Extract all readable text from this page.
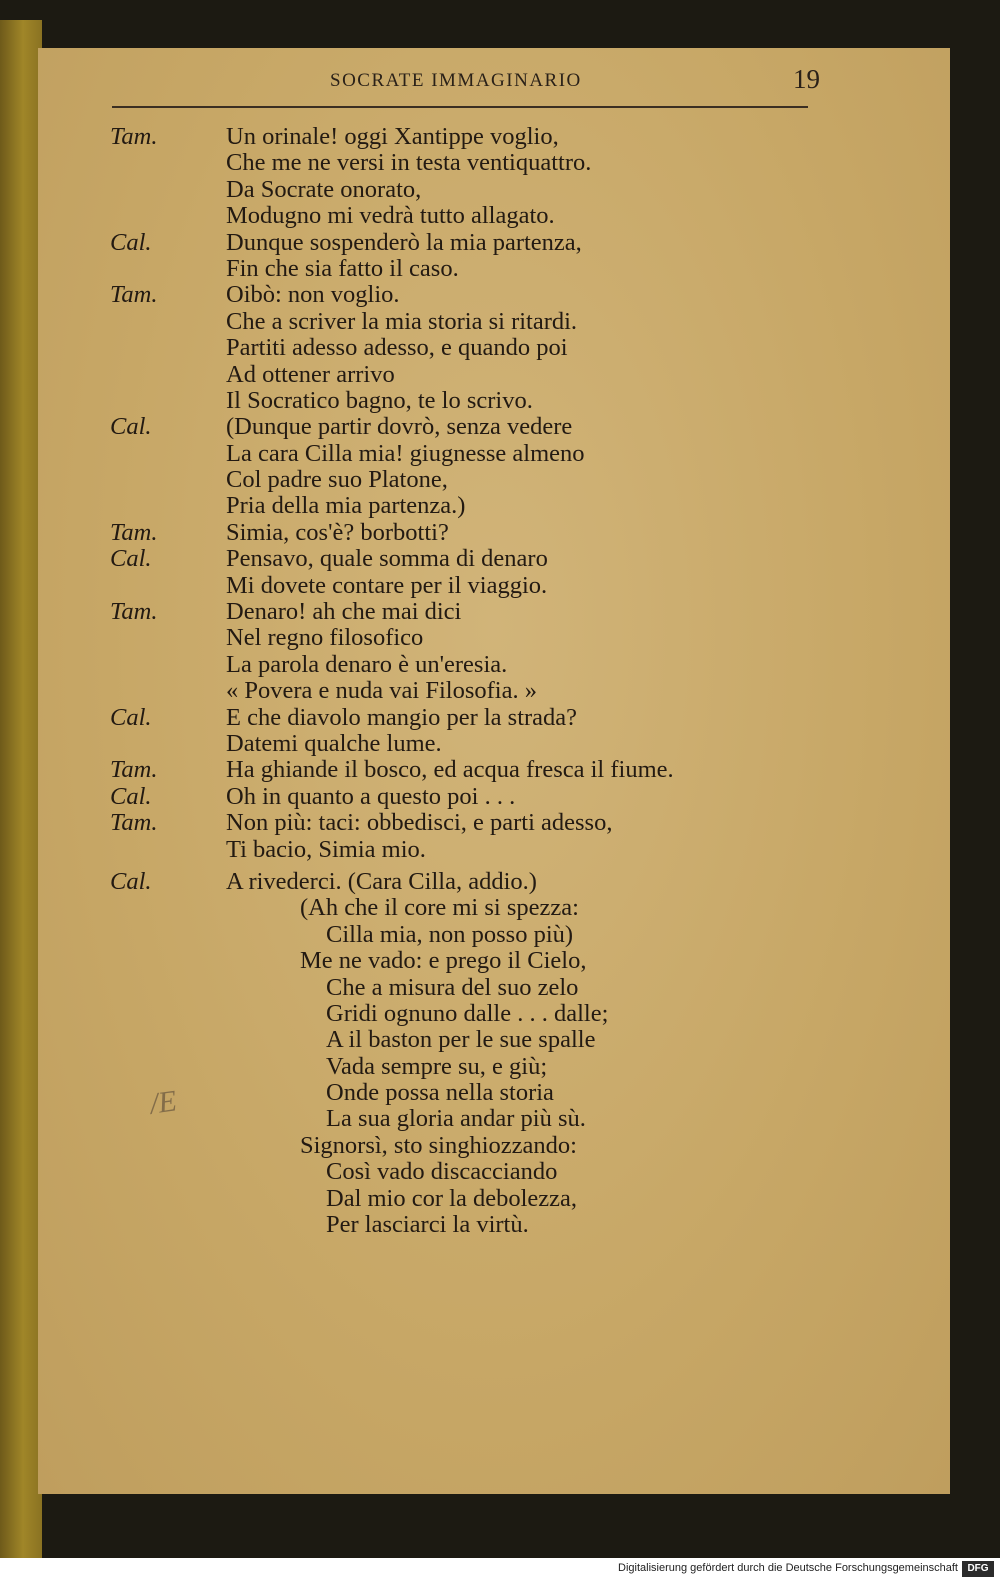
SOCRATE IMMAGINARIO	19
Tam.	Un orinale! oggi Xantippe voglio,
Che me ne versi in testa ventiquattro.
Da Socrate onorato,
Modugno mi vedrà tutto allagato.
Cal.	Dunque sospenderò la mia partenza,
Fin che sia fatto il caso.
Tam.	Oibò: non voglio.
Che a scriver la mia storia si ritardi.
Partiti adesso adesso, e quando poi
Ad ottener arrivo
Il Socratico bagno, te lo scrivo.
Cal.	(Dunque partir dovrò, senza vedere
La cara Cilla mia! giugnesse almeno
Col padre suo Platone,
Pria della mia partenza.)
Tam.	Simia, cos'è? borbotti?
Cal.	Pensavo, quale somma di denaro
Mi dovete contare per il viaggio.
Tam.	Denaro! ah che mai dici
Nel regno filosofico
La parola denaro è un'eresia.
« Povera e nuda vai Filosofia. »
Cal.	E che diavolo mangio per la strada?
Datemi qualche lume.
Tam.	Ha ghiande il bosco, ed acqua fresca il fiume.
Cal.	Oh in quanto a questo poi . . .
Tam.	Non più: taci: obbedisci, e parti adesso,
Ti bacio, Simia mio.
Cal.	A rivederci. (Cara Cilla, addio.)
(Ah che il core mi si spezza:
Cilla mia, non posso più)
Me ne vado: e prego il Cielo,
Che a misura del suo zelo
Gridi ognuno dalle . . . dalle;
A il baston per le sue spalle
Vada sempre su, e giù;
Onde possa nella storia
La sua gloria andar più sù.
Signorsì, sto singhiozzando:
Così vado discacciando
Dal mio cor la debolezza,
Per lasciarci la virtù.
/E
Digitalisierung gefördert durch die Deutsche Forschungsgemeinschaft DFG
